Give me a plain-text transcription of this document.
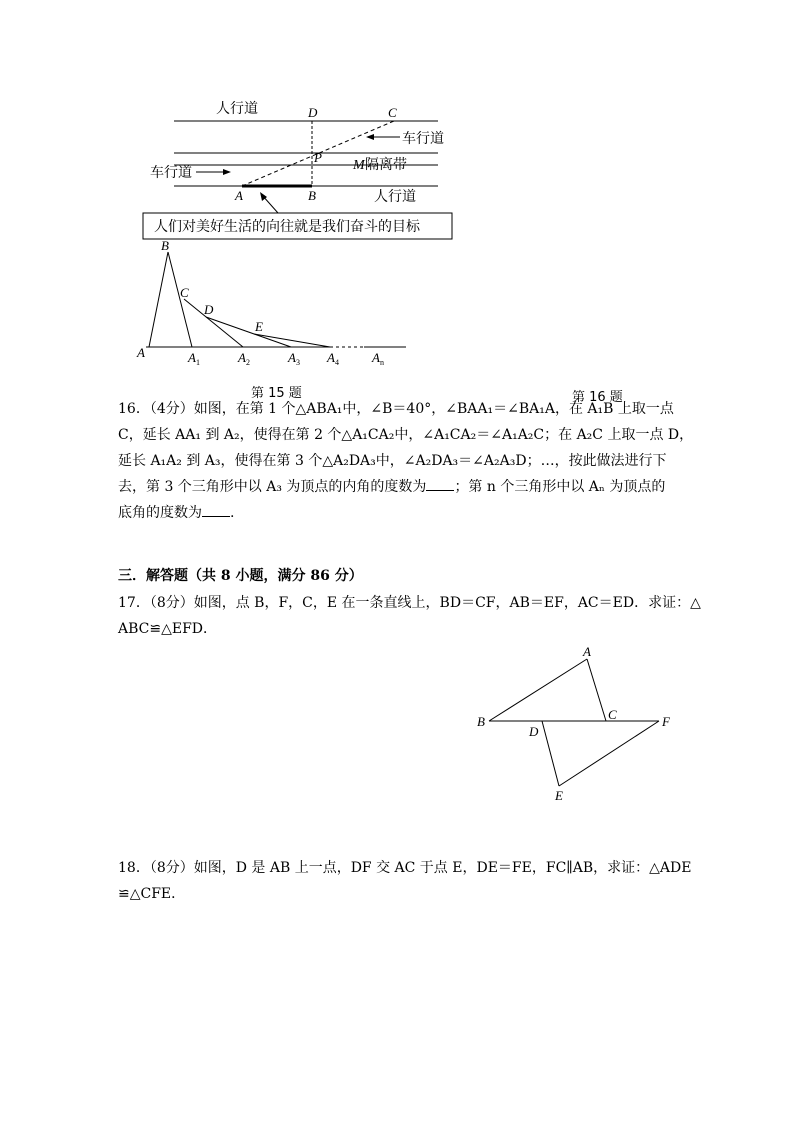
人行道
车行道
车行道	M 隔离带
人行道
D	C
P
A	B
人们对美好生活的向往就是我们奋斗的目标
B
C
D
E
A	$A_1$	$A_2$	$A_3$ $A_4$	$A_n$
第 15 题	第 16 题

16．（4分）如图，在第 1 个△ABA₁中，∠B＝40°，∠BAA₁＝∠BA₁A，在 A₁B 上取一点

C，延长 AA₁ 到 A₂，使得在第 2 个△A₁CA₂中，∠A₁CA₂＝∠A₁A₂C；在 A₂C 上取一点 D，

延长 A₁A₂ 到 A₃，使得在第 3 个△A₂DA₃中，∠A₂DA₃＝∠A₂A₃D；…，按此做法进行下

去，第 3 个三角形中以 A₃ 为顶点的内角的度数为 ；第 n 个三角形中以 Aₙ 为顶点的

底角的度数为 .

三．解答题（共 8 小题，满分 86 分）

17．（8分）如图，点 B，F，C，E 在一条直线上，BD＝CF，AB＝EF，AC＝ED．求证：△

ABC≌△EFD．

A
B	C
D
E
F

18．（8分）如图，D 是 AB 上一点，DF 交 AC 于点 E，DE＝FE，FC∥AB，求证：△ADE

≌△CFE．
